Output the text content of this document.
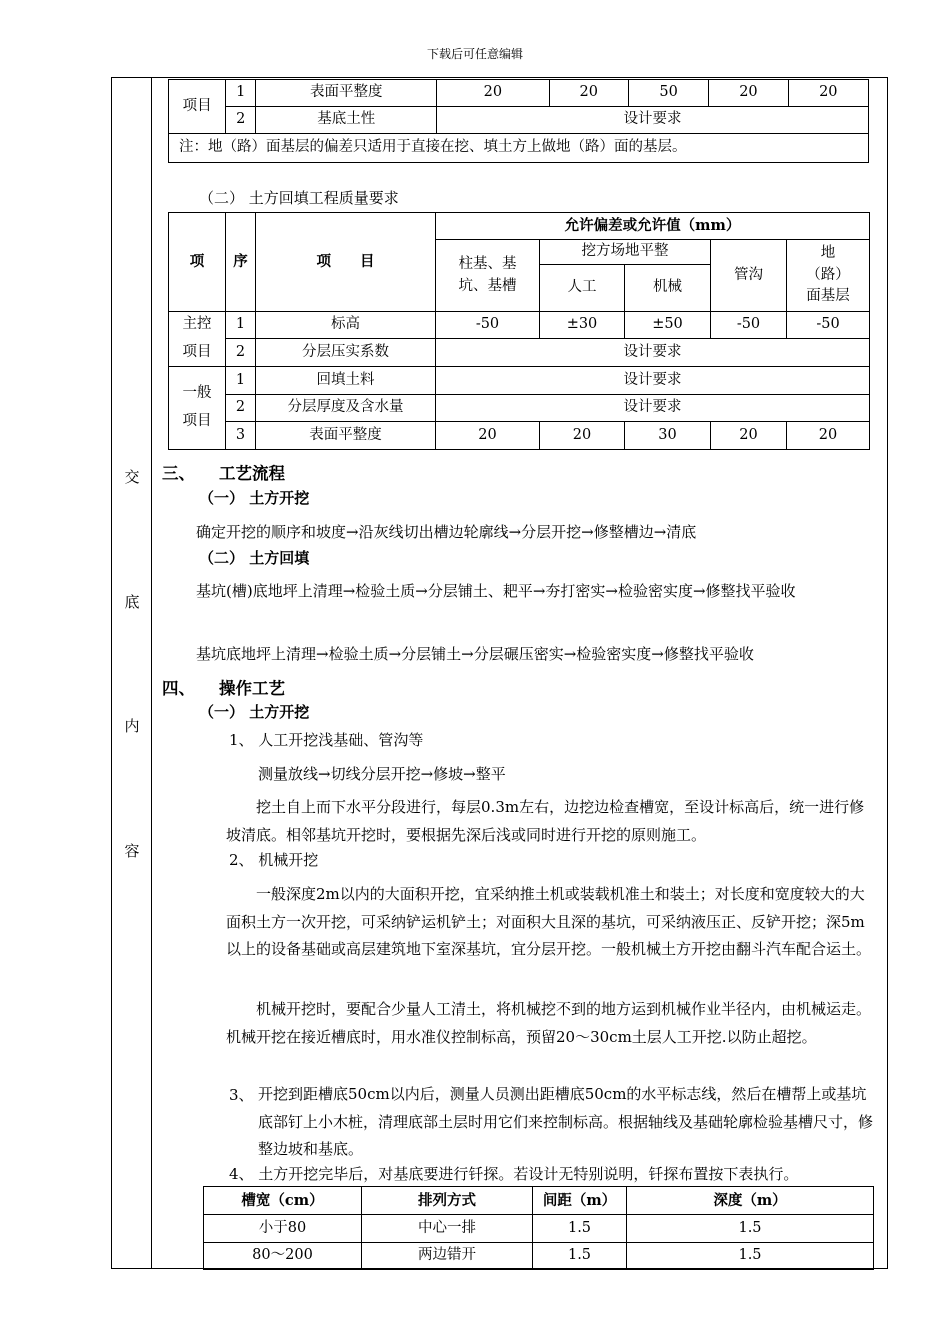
下载后可任意编辑
交
底
内
容
项目	1	表面平整度	20	20	50	20	20
	2	基底土性	设计要求				
注：地（路）面基层的偏差只适用于直接在挖、填土方上做地（路）面的基层。							
（二） 土方回填工程质量要求
项	序	项　　目	允许偏差或允许值（mm）				
			柱基、基坑、基槽	挖方场地平整		管沟	地
（路）
面基层

				人工	机械		

主控
项目	1	标高	-50	±30	±50	-50	-50
	2	分层压实系数	设计要求				

一般
项目	1	回填土料	设计要求				
	2	分层厚度及含水量	设计要求				
	3	表面平整度	20	20	30	20	20
三、 工艺流程
（一） 土方开挖
确定开挖的顺序和坡度→沿灰线切出槽边轮廓线→分层开挖→修整槽边→清底
（二） 土方回填
基坑(槽)底地坪上清理→检验土质→分层铺土、耙平→夯打密实→检验密实度→修整找平验收
基坑底地坪上清理→检验土质→分层铺土→分层碾压密实→检验密实度→修整找平验收
四、 操作工艺
（一） 土方开挖
1、 人工开挖浅基础、管沟等
测量放线→切线分层开挖→修坡→整平
挖土自上而下水平分段进行，每层0.3m左右，边挖边检查槽宽，至设计标高后，统一进行修坡清底。相邻基坑开挖时，要根据先深后浅或同时进行开挖的原则施工。
2、 机械开挖
一般深度2m以内的大面积开挖，宜采纳推土机或装载机准土和装土；对长度和宽度较大的大面积土方一次开挖，可采纳铲运机铲土；对面积大且深的基坑，可采纳液压正、反铲开挖；深5m以上的设备基础或高层建筑地下室深基坑，宜分层开挖。一般机械土方开挖由翻斗汽车配合运土。
机械开挖时，要配合少量人工清土，将机械挖不到的地方运到机械作业半径内，由机械运走。机械开挖在接近槽底时，用水准仪控制标高，预留20～30cm土层人工开挖.以防止超挖。
3、 开挖到距槽底50cm以内后，测量人员测出距槽底50cm的水平标志线，然后在槽帮上或基坑底部钉上小木桩，清理底部土层时用它们来控制标高。根据轴线及基础轮廓检验基槽尺寸，修整边坡和基底。
4、 土方开挖完毕后，对基底要进行钎探。若设计无特别说明，钎探布置按下表执行。
槽宽（cm）	排列方式	间距（m）	深度（m）
小于80	中心一排	1.5	1.5
80～200	两边错开	1.5	1.5
